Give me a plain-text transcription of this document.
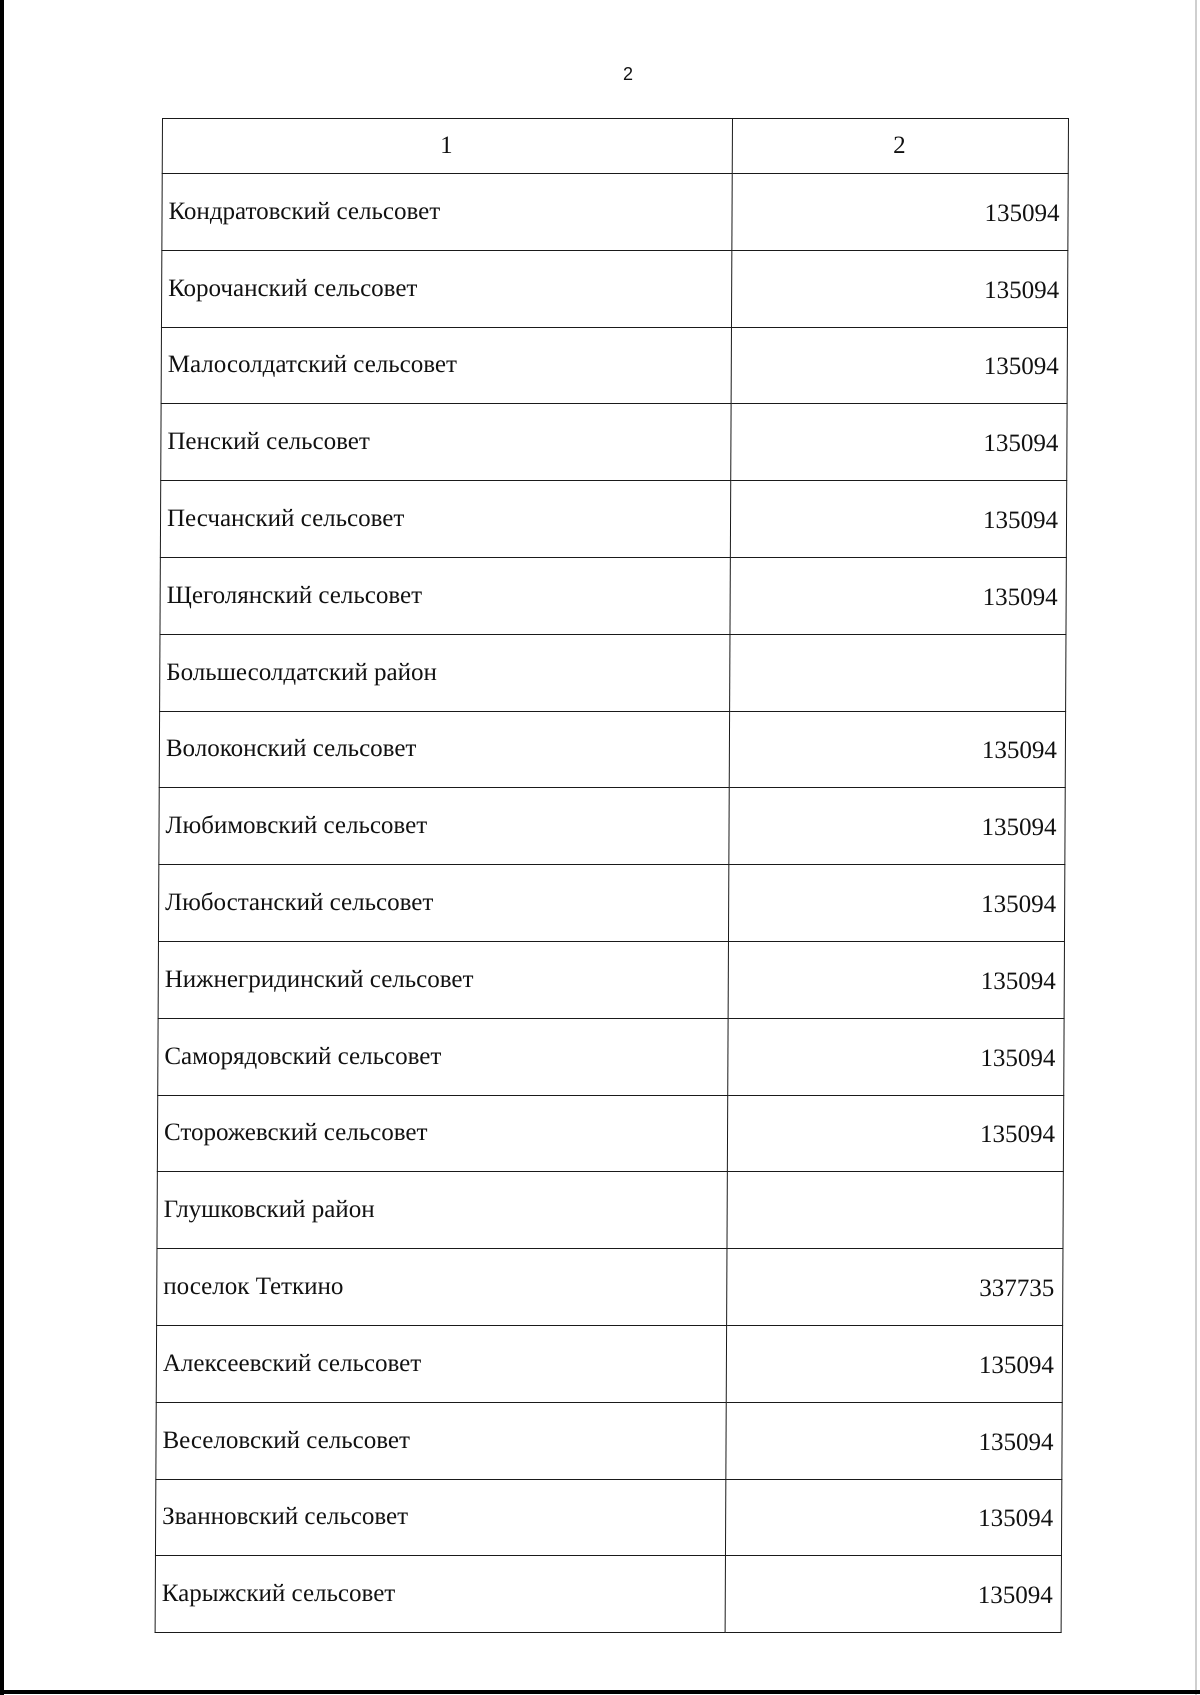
2
1	2
Кондратовский сельсовет	135094
Корочанский сельсовет	135094
Малосолдатский сельсовет	135094
Пенский сельсовет	135094
Песчанский сельсовет	135094
Щеголянский сельсовет	135094
Большесолдатский район	
Волоконский сельсовет	135094
Любимовский сельсовет	135094
Любостанский сельсовет	135094
Нижнегридинский сельсовет	135094
Саморядовский сельсовет	135094
Сторожевский сельсовет	135094
Глушковский район	
поселок Теткино	337735
Алексеевский сельсовет	135094
Веселовский сельсовет	135094
Званновский сельсовет	135094
Карыжский сельсовет	135094
